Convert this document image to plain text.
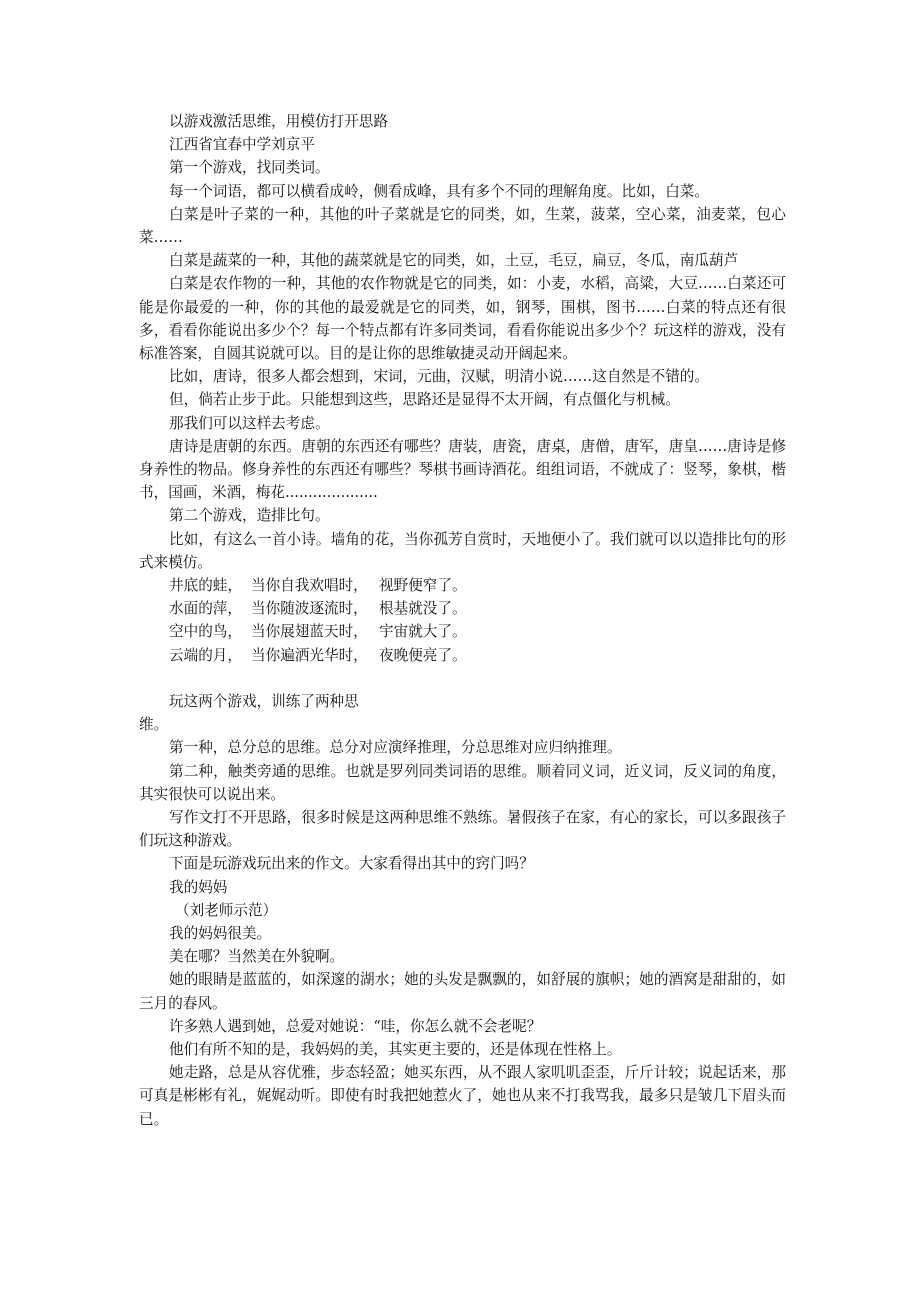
以游戏激活思维，用模仿打开思路

江西省宜春中学刘京平

第一个游戏，找同类词。

每一个词语，都可以横看成岭，侧看成峰，具有多个不同的理解角度。比如，白菜。

白菜是叶子菜的一种，其他的叶子菜就是它的同类，如，生菜，菠菜，空心菜，油麦菜，包心菜……

白菜是蔬菜的一种，其他的蔬菜就是它的同类，如，土豆，毛豆，扁豆，冬瓜，南瓜葫芦

白菜是农作物的一种，其他的农作物就是它的同类，如：小麦，水稻，高粱，大豆……白菜还可能是你最爱的一种，你的其他的最爱就是它的同类，如，钢琴，围棋，图书……白菜的特点还有很多，看看你能说出多少个？每一个特点都有许多同类词，看看你能说出多少个？玩这样的游戏，没有标准答案，自圆其说就可以。目的是让你的思维敏捷灵动开阔起来。

比如，唐诗，很多人都会想到，宋词，元曲，汉赋，明清小说……这自然是不错的。

但，倘若止步于此。只能想到这些，思路还是显得不太开阔，有点僵化与机械。

那我们可以这样去考虑。

唐诗是唐朝的东西。唐朝的东西还有哪些？唐装，唐瓷，唐桌，唐僧，唐军，唐皇……唐诗是修身养性的物品。修身养性的东西还有哪些？琴棋书画诗酒花。组组词语，不就成了：竖琴，象棋，楷书，国画，米酒，梅花....................

第二个游戏，造排比句。

比如，有这么一首小诗。墙角的花，当你孤芳自赏时，天地便小了。我们就可以以造排比句的形式来模仿。

井底的蛙， 当你自我欢唱时， 视野便窄了。
水面的萍， 当你随波逐流时， 根基就没了。
空中的鸟， 当你展翅蓝天时， 宇宙就大了。
云端的月， 当你遍洒光华时， 夜晚便亮了。

玩这两个游戏，训练了两种思

维。

第一种，总分总的思维。总分对应演绎推理，分总思维对应归纳推理。

第二种，触类旁通的思维。也就是罗列同类词语的思维。顺着同义词，近义词，反义词的角度，其实很快可以说出来。

写作文打不开思路，很多时候是这两种思维不熟练。暑假孩子在家，有心的家长，可以多跟孩子们玩这种游戏。

下面是玩游戏玩出来的作文。大家看得出其中的窍门吗？

我的妈妈

（刘老师示范）

我的妈妈很美。

美在哪？当然美在外貌啊。

她的眼睛是蓝蓝的，如深邃的湖水；她的头发是飘飘的，如舒展的旗帜；她的酒窝是甜甜的，如三月的春风。

许多熟人遇到她，总爱对她说：“哇，你怎么就不会老呢？

他们有所不知的是，我妈妈的美，其实更主要的，还是体现在性格上。

她走路，总是从容优雅，步态轻盈；她买东西，从不跟人家叽叽歪歪，斤斤计较；说起话来，那可真是彬彬有礼，娓娓动听。即使有时我把她惹火了，她也从来不打我骂我，最多只是皱几下眉头而已。
